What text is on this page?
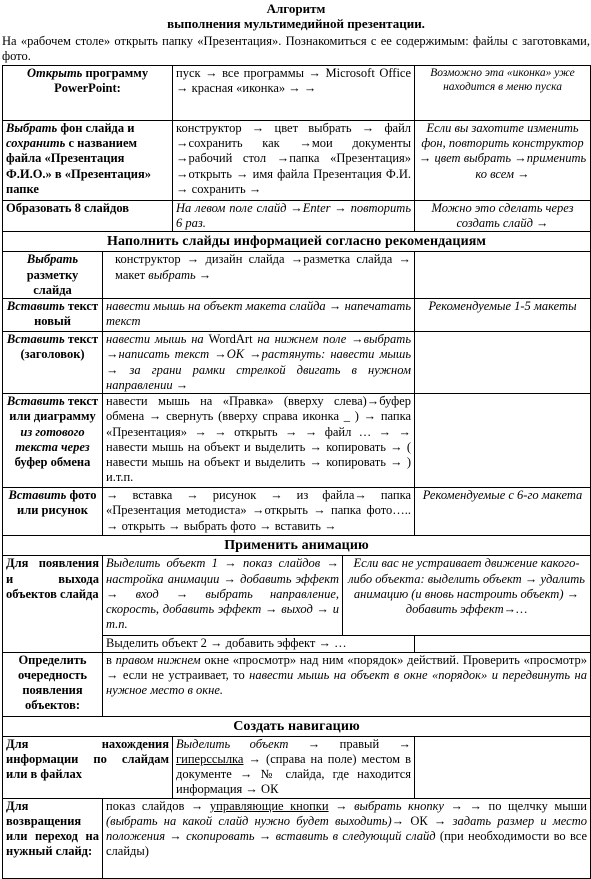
Алгоритм
выполнения мультимедийной презентации.
На «рабочем столе» открыть папку «Презентация». Познакомиться с ее содержимым: файлы с заготовками, фото.
Открыть программу PowerPoint:		пуск → все программы → Microsoft Office → красная «иконка» → →		Возможно эта «иконка» уже находится в меню пуска
Выбрать фон слайда и сохранить с названием файла «Презентация Ф.И.О.» в «Презентация» папке		конструктор → цвет выбрать → файл →сохранить как →мои документы →рабочий стол →папка «Презентация» →открыть → имя файла Презентация Ф.И. → сохранить →		Если вы захотите изменить фон, повторить конструктор → цвет выбрать →применить ко всем →
Образовать 8 слайдов		На левом поле слайд →Enter → повторить 6 раз.		Можно это сделать через создать слайд →
Наполнить слайды информацией согласно рекомендациям				
Выбрать разметку слайда	конструктор → дизайн слайда →разметка слайда → макет выбрать →			
Вставить текст новый	навести мышь на объект макета слайда → напечатать текст			Рекомендуемые 1-5 макеты
Вставить текст (заголовок)	навести мышь на WordArt на нижнем поле →выбрать →написать текст →ОК →растянуть: навести мышь → за грани рамки стрелкой двигать в нужном направлении →			
Вставить текст или диаграмму из готового текста через буфер обмена	навести мышь на «Правка» (вверху слева)→буфер обмена → свернуть (вверху справа иконка _ ) → папка «Презентация» → → открыть → → файл … → → навести мышь на объект и выделить → копировать → ( навести мышь на объект и выделить → копировать → ) и.т.п.			
Вставить фото или рисунок	→ вставка → рисунок → из файла→ папка «Презентация методиста» →открыть → папка фото….. → открыть → выбрать фото → вставить →			Рекомендуемые с 6-го макета
Применить анимацию				
Для появления и выхода объектов слайда	Выделить объект 1 → показ слайдов → настройка анимации → добавить эффект → вход → выбрать направление, скорость, добавить эффект → выход → и т.п.		Если вас не устраивает движение какого-либо объекта: выделить объект → удалить анимацию (и вновь настроить объект) → добавить эффект→…	
	Выделить объект 2 → добавить эффект → …			
Определить очередность появления объектов:	в правом нижнем окне «просмотр» над ним «порядок» действий. Проверить «просмотр» → если не устраивает, то навести мышь на объект в окне «порядок» и передвинуть на нужное место в окне.			
Создать навигацию				
Для нахождения информации по слайдам или в файлах		Выделить объект → правый → гиперссылка → (справа на поле) местом в документе → № слайда, где находится информация → ОК		
Для возвращения или переход на нужный слайд:	показ слайдов → управляющие кнопки → выбрать кнопку → → по щелчку мыши (выбрать на какой слайд нужно будет выходить)→ ОК → задать размер и место положения → скопировать → вставить в следующий слайд (при необходимости во все слайды)			
